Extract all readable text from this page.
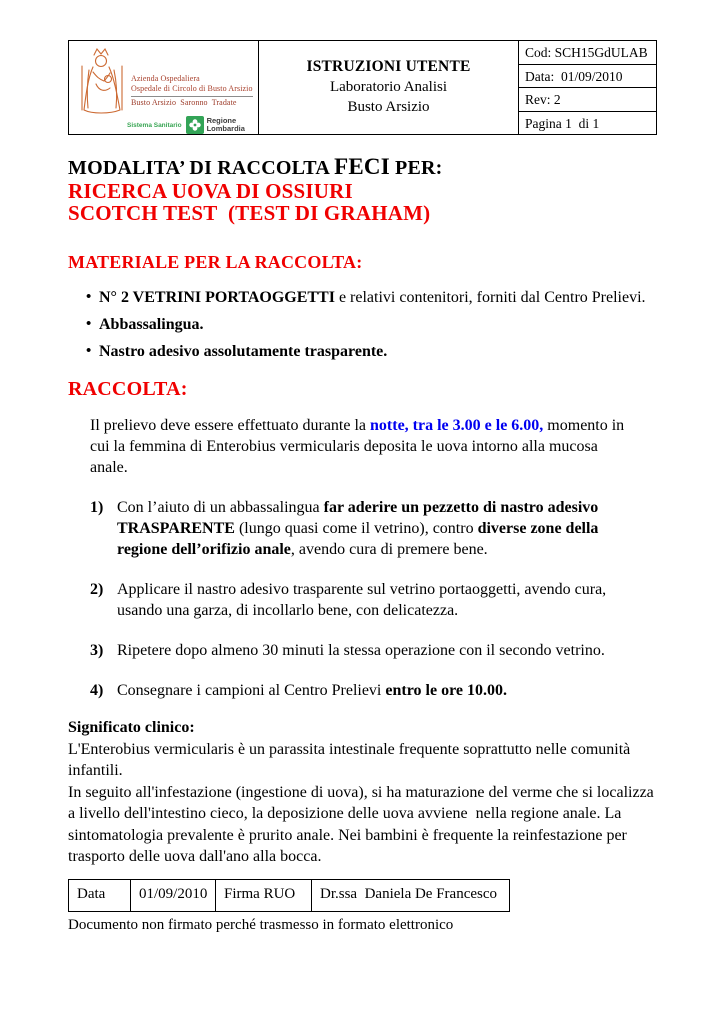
Azienda Ospedaliera
Ospedale di Circolo di Busto Arsizio
Busto Arsizio  Saronno  Tradate
Sistema Sanitario	Regione
Lombardia
ISTRUZIONI UTENTE
Laboratorio Analisi
Busto Arsizio
Cod: SCH15GdULAB
Data:  01/09/2010
Rev: 2
Pagina 1  di 1
MODALITA’ DI RACCOLTA FECI PER:
RICERCA UOVA DI OSSIURI
SCOTCH TEST  (TEST DI GRAHAM)
MATERIALE PER LA RACCOLTA:
• N° 2 VETRINI PORTAOGGETTI e relativi contenitori, forniti dal Centro Prelievi.
• Abbassalingua.
• Nastro adesivo assolutamente trasparente.
RACCOLTA:
Il prelievo deve essere effettuato durante la notte, tra le 3.00 e le 6.00, momento in cui la femmina di Enterobius vermicularis deposita le uova intorno alla mucosa anale.
1) Con l’aiuto di un abbassalingua far aderire un pezzetto di nastro adesivo TRASPARENTE (lungo quasi come il vetrino), contro diverse zone della regione dell’orifizio anale, avendo cura di premere bene.
2) Applicare il nastro adesivo trasparente sul vetrino portaoggetti, avendo cura, usando una garza, di incollarlo bene, con delicatezza.
3) Ripetere dopo almeno 30 minuti la stessa operazione con il secondo vetrino.
4) Consegnare i campioni al Centro Prelievi entro le ore 10.00.
Significato clinico:
L'Enterobius vermicularis è un parassita intestinale frequente soprattutto nelle comunità infantili.
In seguito all'infestazione (ingestione di uova), si ha maturazione del verme che si localizza a livello dell'intestino cieco, la deposizione delle uova avviene  nella regione anale. La sintomatologia prevalente è prurito anale. Nei bambini è frequente la reinfestazione per trasporto delle uova dall'ano alla bocca.
Data	01/09/2010	Firma RUO	Dr.ssa  Daniela De Francesco
Documento non firmato perché trasmesso in formato elettronico
